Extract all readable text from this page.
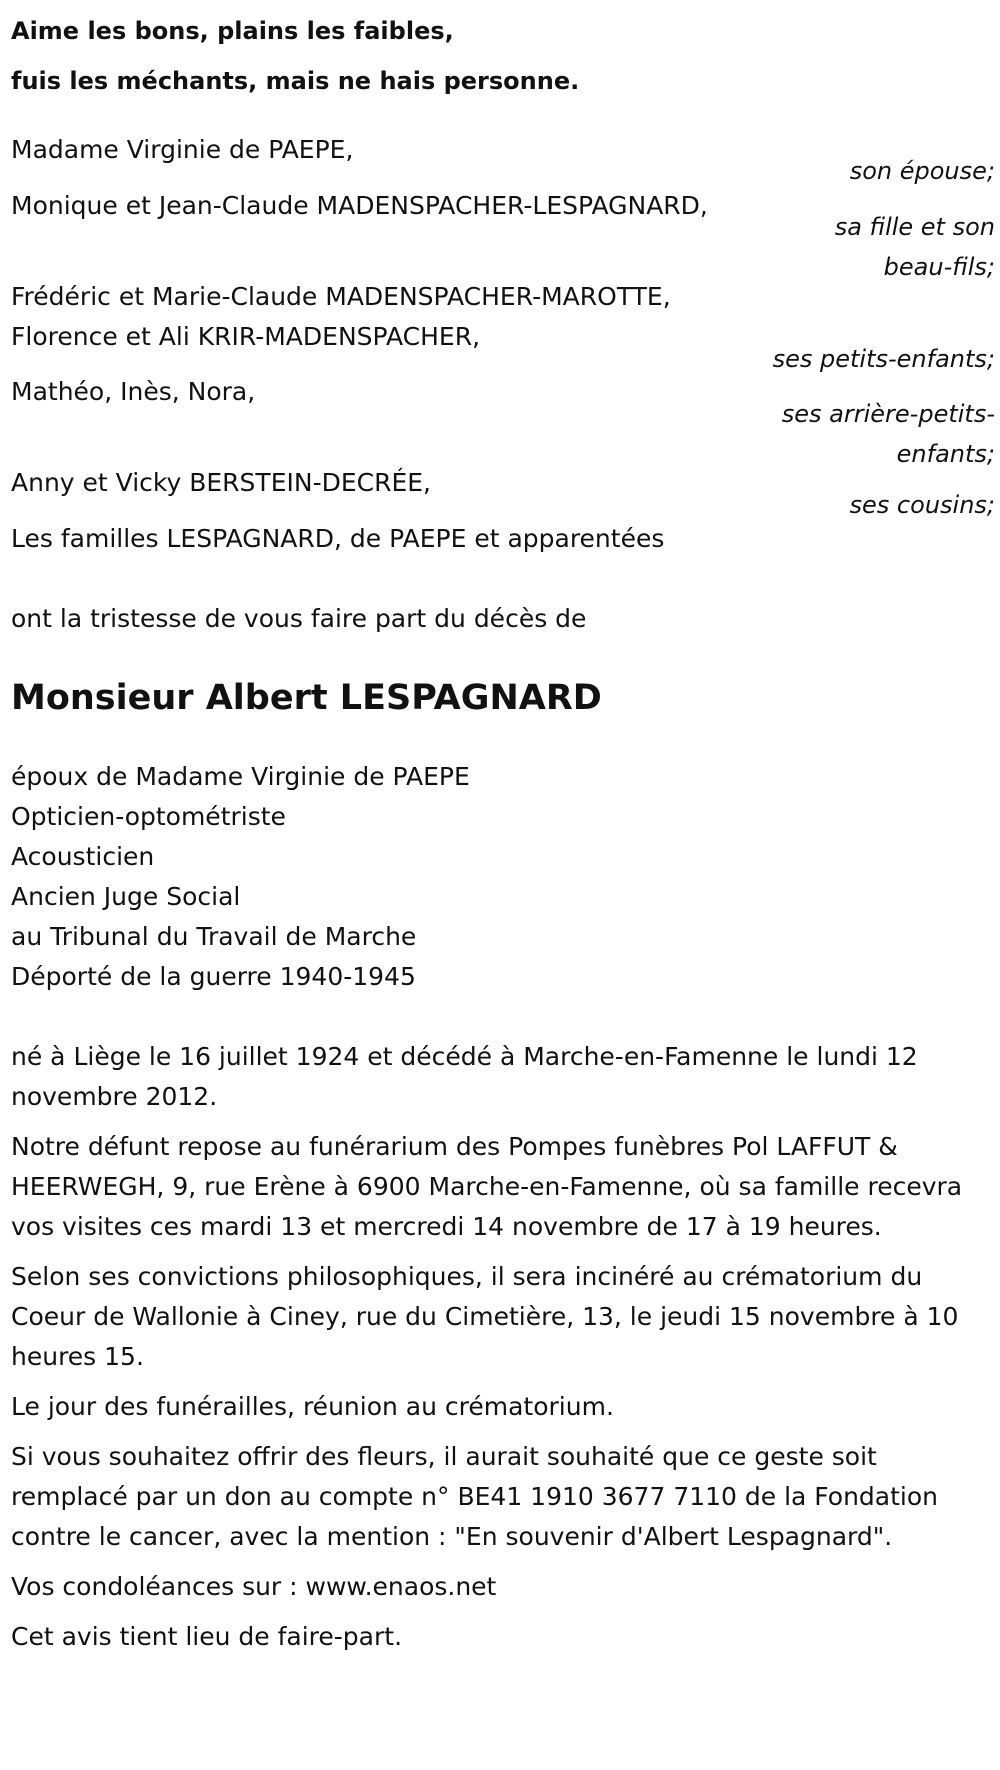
Aime les bons, plains les faibles,

fuis les méchants, mais ne hais personne.

Madame Virginie de PAEPE,
son épouse;
Monique et Jean-Claude MADENSPACHER-LESPAGNARD,
sa fille et son
beau-fils;
Frédéric et Marie-Claude MADENSPACHER-MAROTTE,
Florence et Ali KRIR-MADENSPACHER,
ses petits-enfants;
Mathéo, Inès, Nora,
ses arrière-petits-
enfants;
Anny et Vicky BERSTEIN-DECRÉE,
ses cousins;
Les familles LESPAGNARD, de PAEPE et apparentées
ont la tristesse de vous faire part du décès de
Monsieur Albert LESPAGNARD
époux de Madame Virginie de PAEPE
Opticien-optométriste
Acousticien
Ancien Juge Social
au Tribunal du Travail de Marche
Déporté de la guerre 1940-1945

né à Liège le 16 juillet 1924 et décédé à Marche-en-Famenne le lundi 12 novembre 2012.

Notre défunt repose au funérarium des Pompes funèbres Pol LAFFUT & HEERWEGH, 9, rue Erène à 6900 Marche-en-Famenne, où sa famille recevra vos visites ces mardi 13 et mercredi 14 novembre de 17 à 19 heures.

Selon ses convictions philosophiques, il sera incinéré au crématorium du Coeur de Wallonie à Ciney, rue du Cimetière, 13, le jeudi 15 novembre à 10 heures 15.

Le jour des funérailles, réunion au crématorium.

Si vous souhaitez offrir des fleurs, il aurait souhaité que ce geste soit remplacé par un don au compte n° BE41 1910 3677 7110 de la Fondation contre le cancer, avec la mention : "En souvenir d'Albert Lespagnard".

Vos condoléances sur : www.enaos.net

Cet avis tient lieu de faire-part.
